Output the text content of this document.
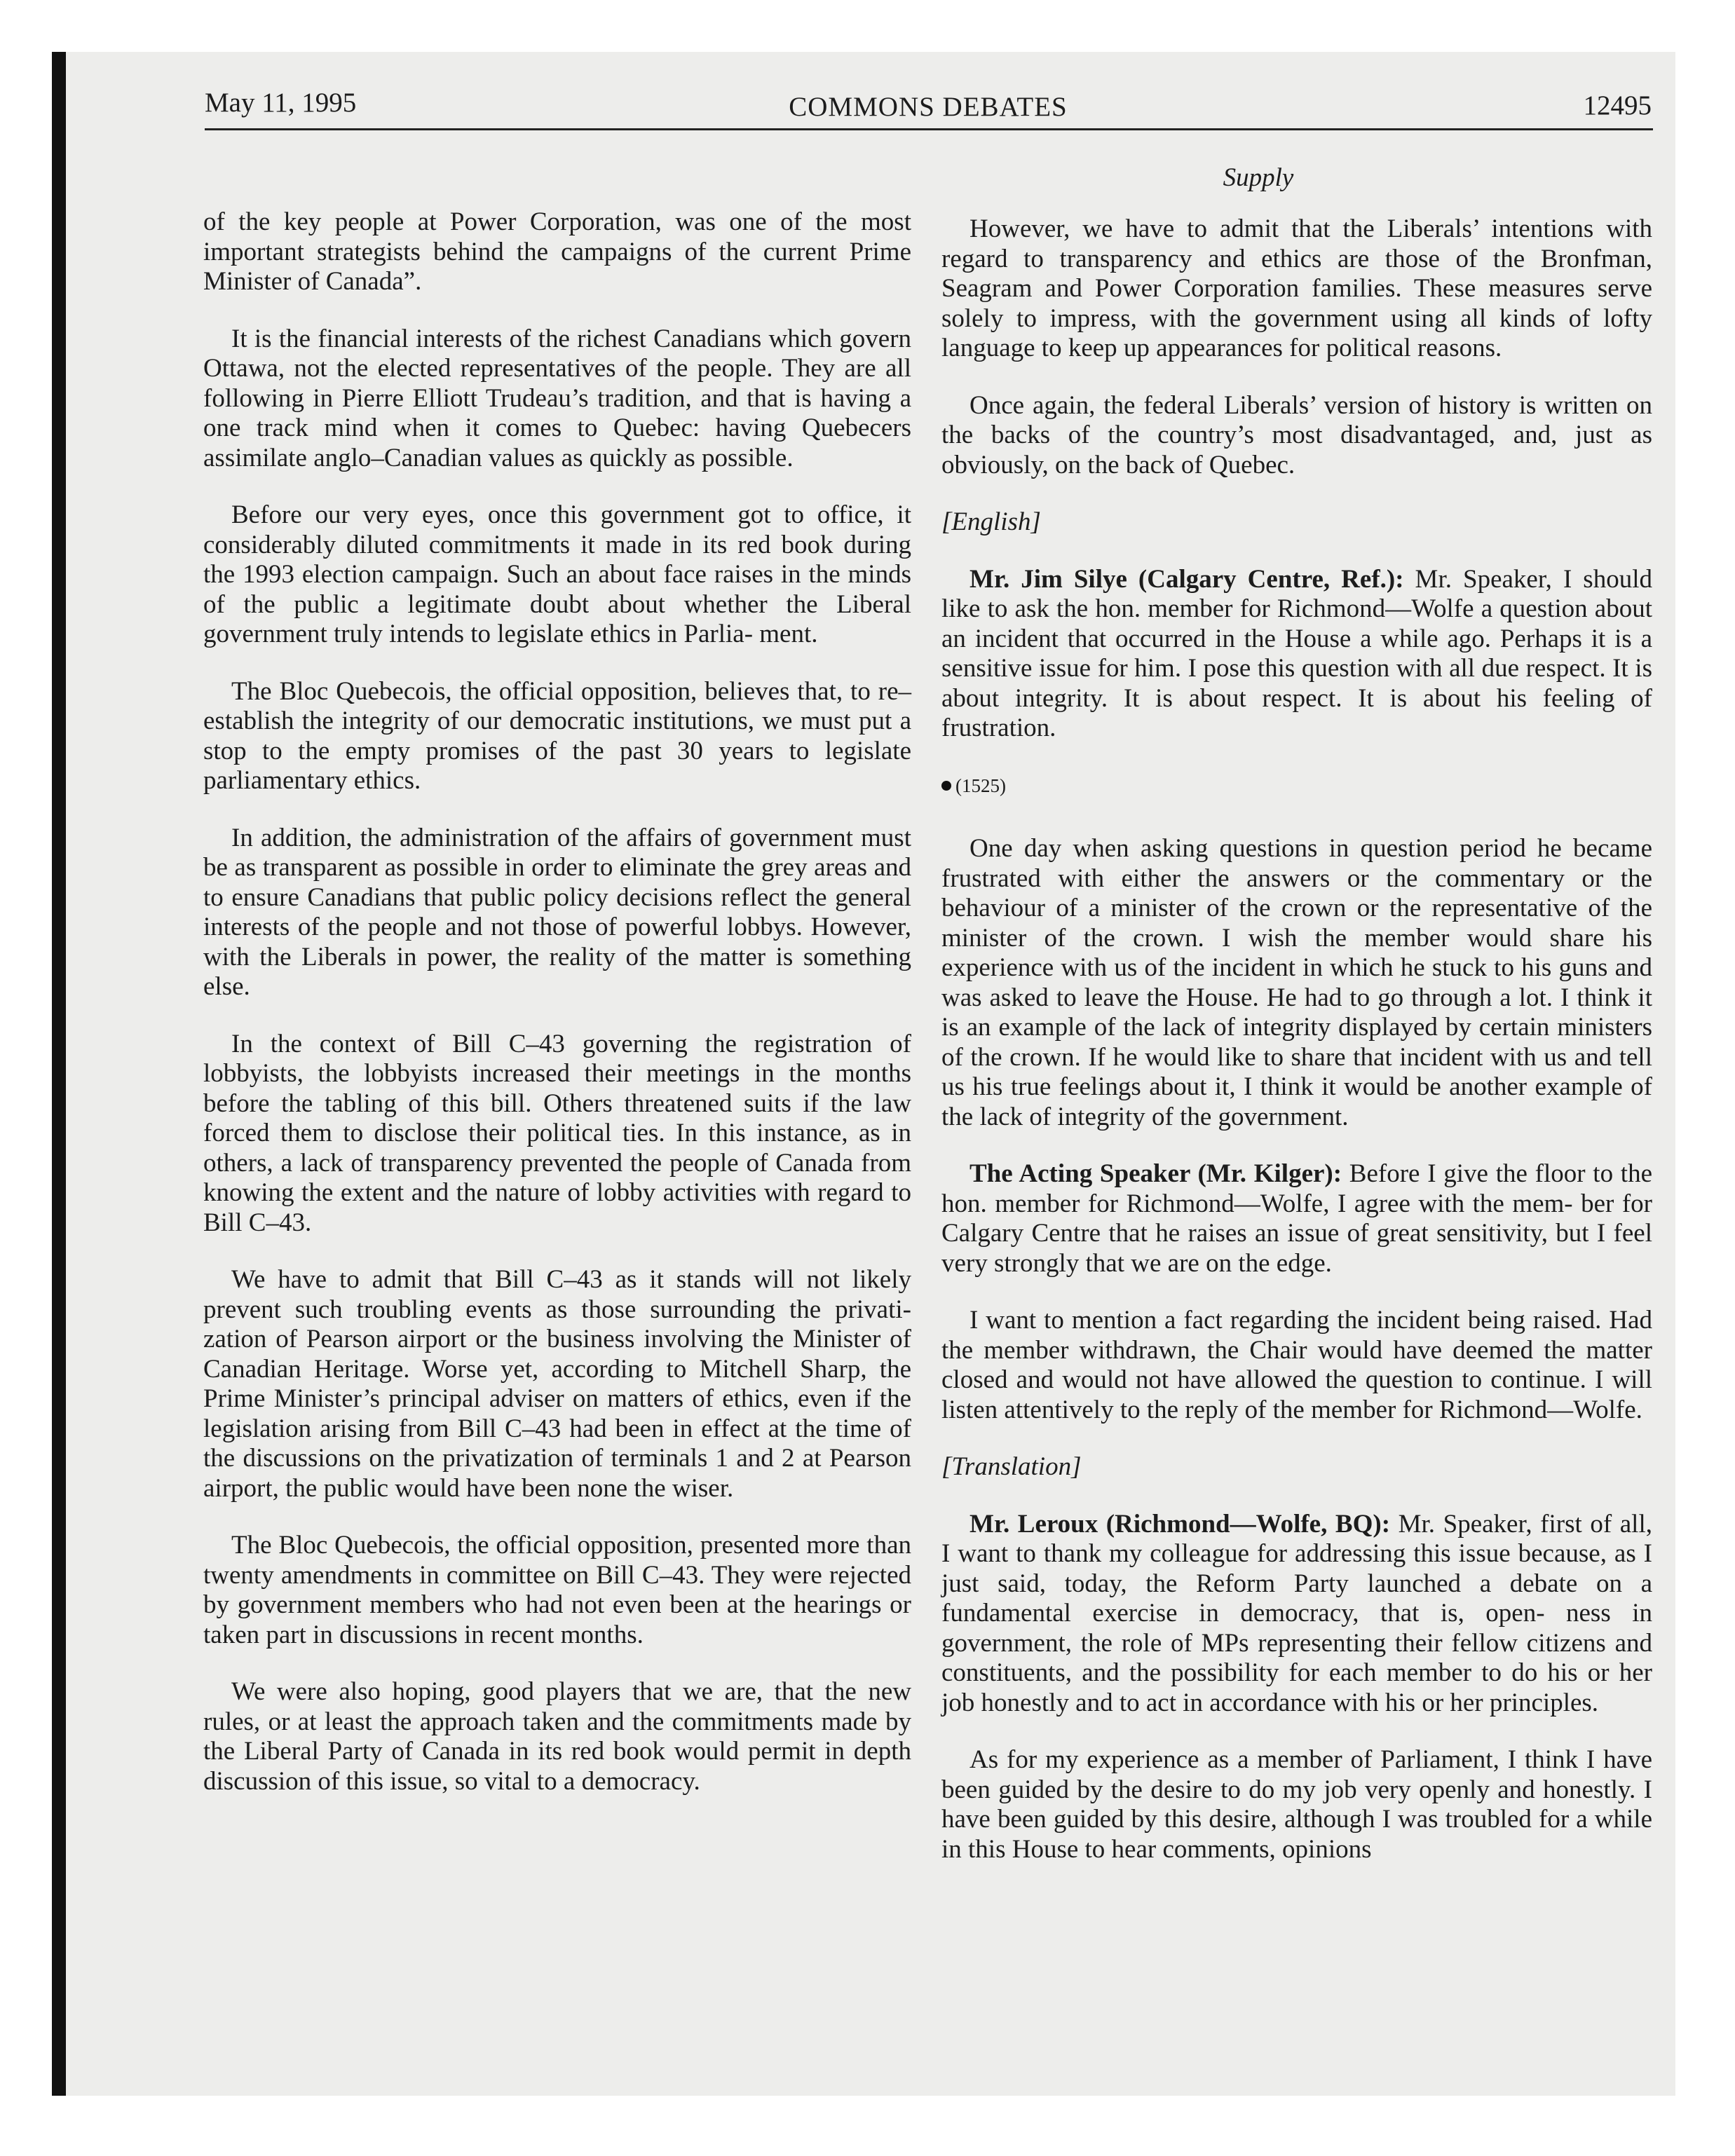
May 11, 1995	COMMONS DEBATES	12495
Supply

of the key people at Power Corporation, was one of the most important strategists behind the campaigns of the current Prime Minister of Canada”.

It is the financial interests of the richest Canadians which govern Ottawa, not the elected representatives of the people. They are all following in Pierre Elliott Trudeau’s tradition, and that is having a one track mind when it comes to Quebec: having Quebecers assimilate anglo–Canadian values as quickly as possible.

Before our very eyes, once this government got to office, it considerably diluted commitments it made in its red book during the 1993 election campaign. Such an about face raises in the minds of the public a legitimate doubt about whether the Liberal government truly intends to legislate ethics in Parlia- ment.

The Bloc Quebecois, the official opposition, believes that, to re–establish the integrity of our democratic institutions, we must put a stop to the empty promises of the past 30 years to legislate parliamentary ethics.

In addition, the administration of the affairs of government must be as transparent as possible in order to eliminate the grey areas and to ensure Canadians that public policy decisions reflect the general interests of the people and not those of powerful lobbys. However, with the Liberals in power, the reality of the matter is something else.

In the context of Bill C–43 governing the registration of lobbyists, the lobbyists increased their meetings in the months before the tabling of this bill. Others threatened suits if the law forced them to disclose their political ties. In this instance, as in others, a lack of transparency prevented the people of Canada from knowing the extent and the nature of lobby activities with regard to Bill C–43.

We have to admit that Bill C–43 as it stands will not likely prevent such troubling events as those surrounding the privati- zation of Pearson airport or the business involving the Minister of Canadian Heritage. Worse yet, according to Mitchell Sharp, the Prime Minister’s principal adviser on matters of ethics, even if the legislation arising from Bill C–43 had been in effect at the time of the discussions on the privatization of terminals 1 and 2 at Pearson airport, the public would have been none the wiser.

The Bloc Quebecois, the official opposition, presented more than twenty amendments in committee on Bill C–43. They were rejected by government members who had not even been at the hearings or taken part in discussions in recent months.

We were also hoping, good players that we are, that the new rules, or at least the approach taken and the commitments made by the Liberal Party of Canada in its red book would permit in depth discussion of this issue, so vital to a democracy.

However, we have to admit that the Liberals’ intentions with regard to transparency and ethics are those of the Bronfman, Seagram and Power Corporation families. These measures serve solely to impress, with the government using all kinds of lofty language to keep up appearances for political reasons.

Once again, the federal Liberals’ version of history is written on the backs of the country’s most disadvantaged, and, just as obviously, on the back of Quebec.

[English]

Mr. Jim Silye (Calgary Centre, Ref.): Mr. Speaker, I should like to ask the hon. member for Richmond—Wolfe a question about an incident that occurred in the House a while ago. Perhaps it is a sensitive issue for him. I pose this question with all due respect. It is about integrity. It is about respect. It is about his feeling of frustration.

(1525)

One day when asking questions in question period he became frustrated with either the answers or the commentary or the behaviour of a minister of the crown or the representative of the minister of the crown. I wish the member would share his experience with us of the incident in which he stuck to his guns and was asked to leave the House. He had to go through a lot. I think it is an example of the lack of integrity displayed by certain ministers of the crown. If he would like to share that incident with us and tell us his true feelings about it, I think it would be another example of the lack of integrity of the government.

The Acting Speaker (Mr. Kilger): Before I give the floor to the hon. member for Richmond—Wolfe, I agree with the mem- ber for Calgary Centre that he raises an issue of great sensitivity, but I feel very strongly that we are on the edge.

I want to mention a fact regarding the incident being raised. Had the member withdrawn, the Chair would have deemed the matter closed and would not have allowed the question to continue. I will listen attentively to the reply of the member for Richmond—Wolfe.

[Translation]

Mr. Leroux (Richmond—Wolfe, BQ): Mr. Speaker, first of all, I want to thank my colleague for addressing this issue because, as I just said, today, the Reform Party launched a debate on a fundamental exercise in democracy, that is, open- ness in government, the role of MPs representing their fellow citizens and constituents, and the possibility for each member to do his or her job honestly and to act in accordance with his or her principles.

As for my experience as a member of Parliament, I think I have been guided by the desire to do my job very openly and honestly. I have been guided by this desire, although I was troubled for a while in this House to hear comments, opinions
